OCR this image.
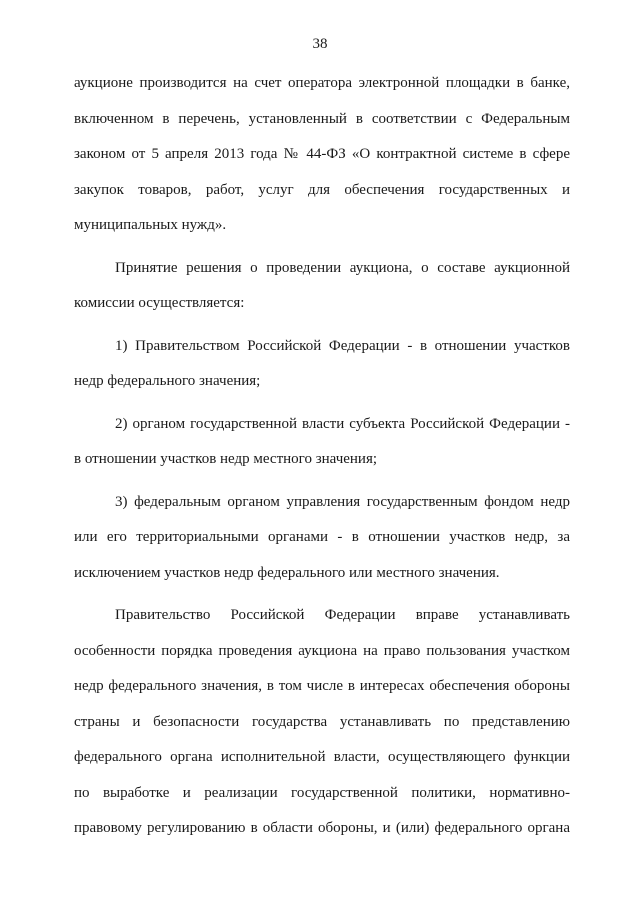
38

аукционе производится на счет оператора электронной площадки в банке,
включенном в перечень, установленный в соответствии с Федеральным
законом от 5 апреля 2013 года № 44-ФЗ «О контрактной системе в сфере
закупок товаров, работ, услуг для обеспечения государственных и
муниципальных нужд».

Принятие решения о проведении аукциона, о составе аукционной
комиссии осуществляется:

1) Правительством Российской Федерации - в отношении участков
недр федерального значения;

2) органом государственной власти субъекта Российской Федерации -
в отношении участков недр местного значения;

3) федеральным органом управления государственным фондом недр
или его территориальными органами - в отношении участков недр, за
исключением участков недр федерального или местного значения.

Правительство Российской Федерации вправе устанавливать
особенности порядка проведения аукциона на право пользования участком
недр федерального значения, в том числе в интересах обеспечения обороны
страны и безопасности государства устанавливать по представлению
федерального органа исполнительной власти, осуществляющего функции
по выработке и реализации государственной политики, нормативно-
правовому регулированию в области обороны, и (или) федерального органа
